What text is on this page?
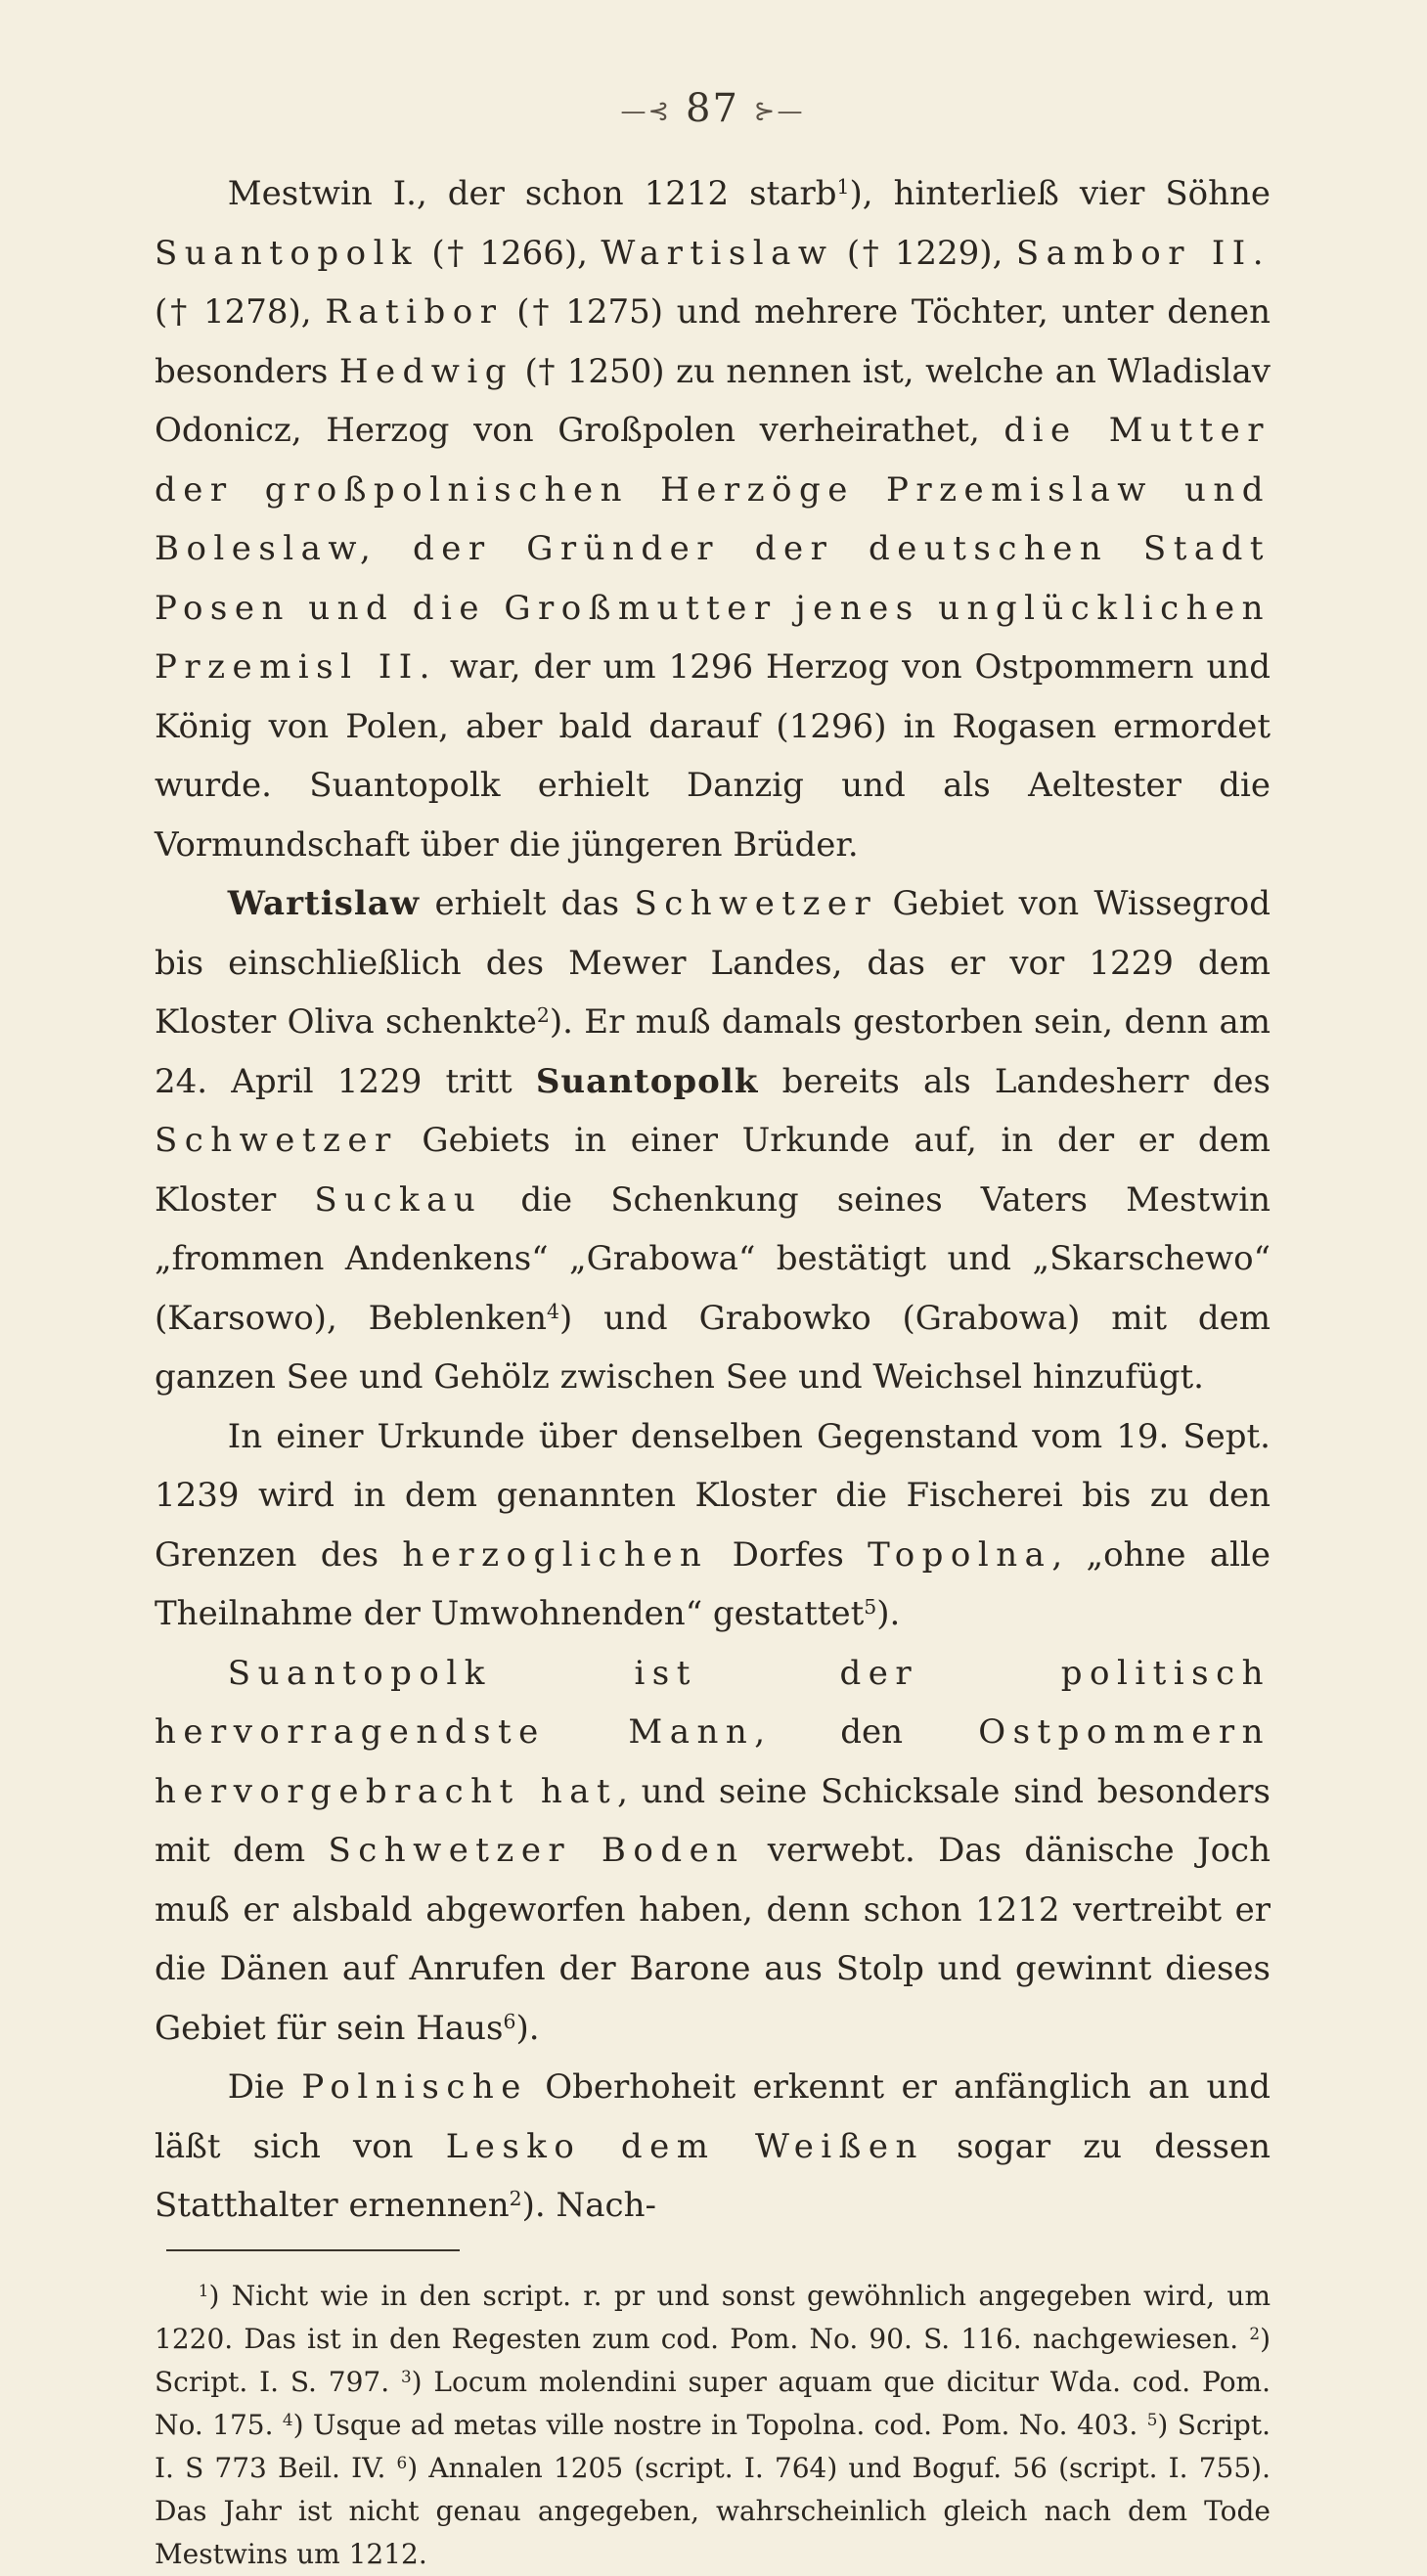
—⊰ 87 ⊱—

Mestwin I., der schon 1212 starb$^1$), hinterließ vier Söhne Suantopolk († 1266), Wartislaw († 1229), Sambor II. († 1278), Ratibor († 1275) und mehrere Töchter, unter denen besonders Hedwig († 1250) zu nennen ist, welche an Wladislav Odonicz, Herzog von Großpolen verheirathet, die Mutter der großpolnischen Herzöge Przemislaw und Boleslaw, der Gründer der deutschen Stadt Posen und die Großmutter jenes unglücklichen Przemisl II. war, der um 1296 Herzog von Ostpommern und König von Polen, aber bald darauf (1296) in Rogasen ermordet wurde. Suantopolk erhielt Danzig und als Aeltester die Vormundschaft über die jüngeren Brüder.

Wartislaw erhielt das Schwetzer Gebiet von Wissegrod bis einschließlich des Mewer Landes, das er vor 1229 dem Kloster Oliva schenkte$^2$). Er muß damals gestorben sein, denn am 24. April 1229 tritt Suantopolk bereits als Landesherr des Schwetzer Gebiets in einer Urkunde auf, in der er dem Kloster Suckau die Schenkung seines Vaters Mestwin „frommen Andenkens“ „Grabowa“ bestätigt und „Skarschewo“ (Karsowo), Beblenken$^4$) und Grabowko (Grabowa) mit dem ganzen See und Gehölz zwischen See und Weichsel hinzufügt.

In einer Urkunde über denselben Gegenstand vom 19. Sept. 1239 wird in dem genannten Kloster die Fischerei bis zu den Grenzen des herzoglichen Dorfes Topolna, „ohne alle Theilnahme der Umwohnenden“ gestattet$^5$).

Suantopolk ist der politisch hervorragendste Mann, den Ostpommern hervorgebracht hat, und seine Schicksale sind besonders mit dem Schwetzer Boden verwebt. Das dänische Joch muß er alsbald abgeworfen haben, denn schon 1212 vertreibt er die Dänen auf Anrufen der Barone aus Stolp und gewinnt dieses Gebiet für sein Haus$^6$).

Die Polnische Oberhoheit erkennt er anfänglich an und läßt sich von Lesko dem Weißen sogar zu dessen Statthalter ernennen$^2$). Nach-

$^1$) Nicht wie in den script. r. pr und sonst gewöhnlich angegeben wird, um 1220. Das ist in den Regesten zum cod. Pom. No. 90. S. 116. nachgewiesen. $^2$) Script. I. S. 797. $^3$) Locum molendini super aquam que dicitur Wda. cod. Pom. No. 175. $^4$) Usque ad metas ville nostre in Topolna. cod. Pom. No. 403. $^5$) Script. I. S 773 Beil. IV. $^6$) Annalen 1205 (script. I. 764) und Boguf. 56 (script. I. 755). Das Jahr ist nicht genau angegeben, wahrscheinlich gleich nach dem Tode Mestwins um 1212.
